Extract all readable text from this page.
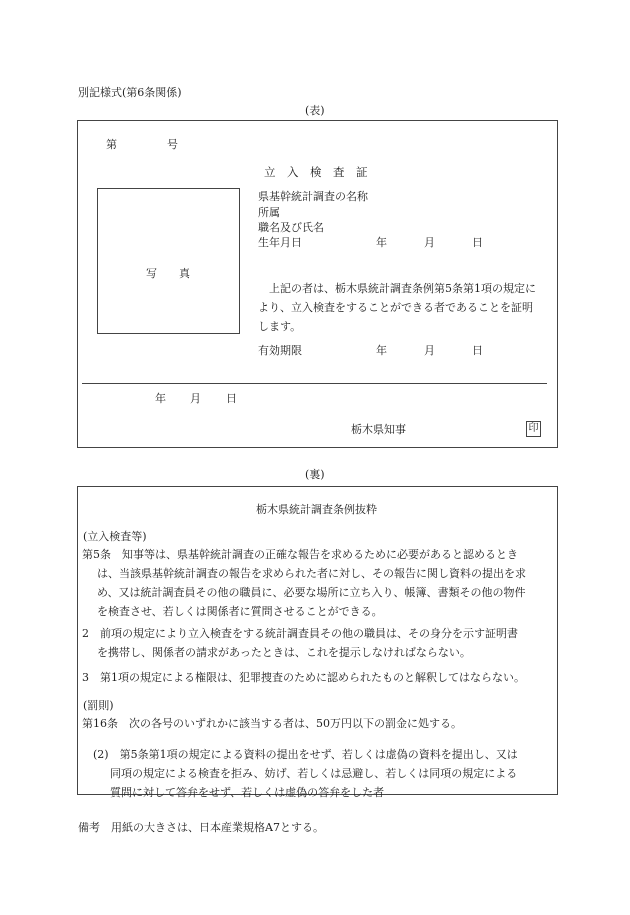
別記様式(第6条関係)
(表)
第	号
立　入　検　査　証
写　　真
県基幹統計調査の名称
所属
職名及び氏名
生年月日	年	月	日
　上記の者は、栃木県統計調査条例第5条第1項の規定に
より、立入検査をすることができる者であることを証明
します。
有効期限	年	月	日
年 月 日
栃木県知事	印
(裏)
栃木県統計調査条例抜粋
(立入検査等)
第5条　知事等は、県基幹統計調査の正確な報告を求めるために必要があると認めるとき
は、当該県基幹統計調査の報告を求められた者に対し、その報告に関し資料の提出を求
め、又は統計調査員その他の職員に、必要な場所に立ち入り、帳簿、書類その他の物件
を検査させ、若しくは関係者に質問させることができる。
2　前項の規定により立入検査をする統計調査員その他の職員は、その身分を示す証明書
を携帯し、関係者の請求があったときは、これを提示しなければならない。
3　第1項の規定による権限は、犯罪捜査のために認められたものと解釈してはならない。
(罰則)
第16条　次の各号のいずれかに該当する者は、50万円以下の罰金に処する。
(2)　第5条第1項の規定による資料の提出をせず、若しくは虚偽の資料を提出し、又は
同項の規定による検査を拒み、妨げ、若しくは忌避し、若しくは同項の規定による
質問に対して答弁をせず、若しくは虚偽の答弁をした者
備考　用紙の大きさは、日本産業規格A7とする。
